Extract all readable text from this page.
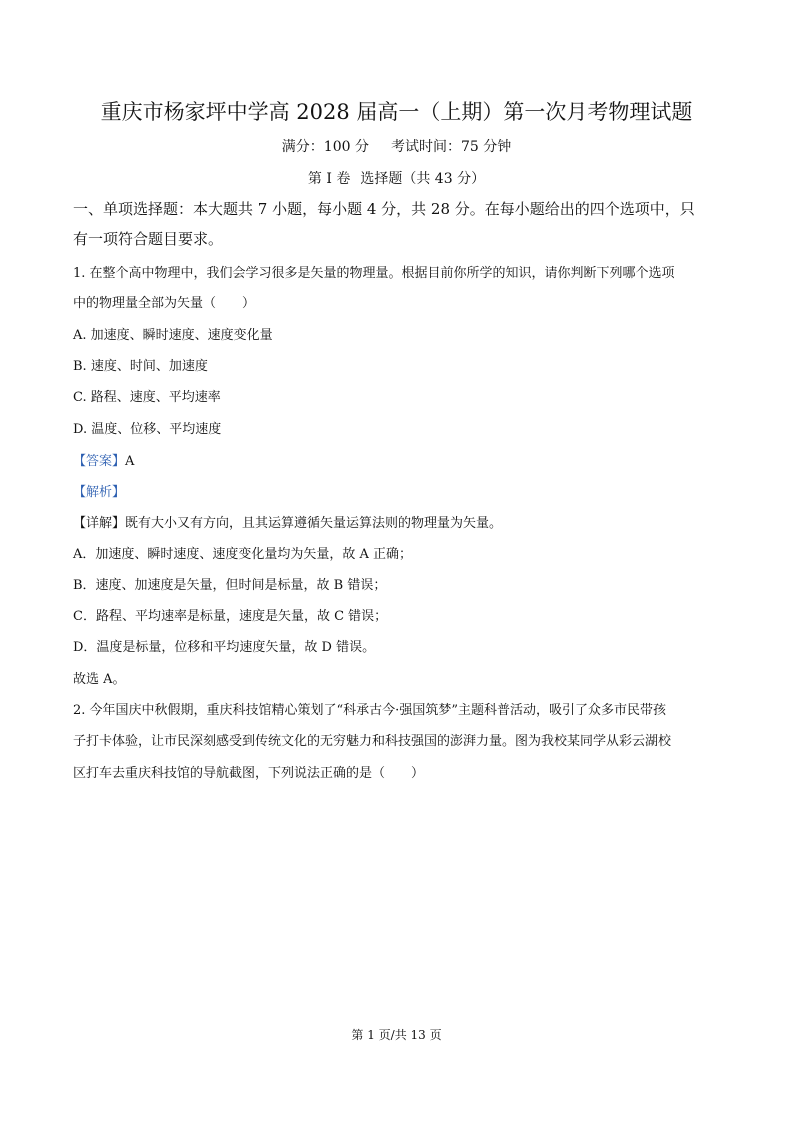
重庆市杨家坪中学高 2028 届高一（上期）第一次月考物理试题
满分：100 分 考试时间：75 分钟
第 I 卷 选择题（共 43 分）
一、单项选择题：本大题共 7 小题，每小题 4 分，共 28 分。在每小题给出的四个选项中，只
有一项符合题目要求。
1. 在整个高中物理中，我们会学习很多是矢量的物理量。根据目前你所学的知识，请你判断下列哪个选项
中的物理量全部为矢量（　　）
A. 加速度、瞬时速度、速度变化量
B. 速度、时间、加速度
C. 路程、速度、平均速率
D. 温度、位移、平均速度
【答案】A
【解析】
【详解】既有大小又有方向，且其运算遵循矢量运算法则的物理量为矢量。
A．加速度、瞬时速度、速度变化量均为矢量，故 A 正确；
B．速度、加速度是矢量，但时间是标量，故 B 错误；
C．路程、平均速率是标量，速度是矢量，故 C 错误；
D．温度是标量，位移和平均速度矢量，故 D 错误。
故选 A。
2. 今年国庆中秋假期，重庆科技馆精心策划了“科承古今·强国筑梦”主题科普活动，吸引了众多市民带孩
子打卡体验，让市民深刻感受到传统文化的无穷魅力和科技强国的澎湃力量。图为我校某同学从彩云湖校
区打车去重庆科技馆的导航截图，下列说法正确的是（　　）
第 1 页/共 13 页
